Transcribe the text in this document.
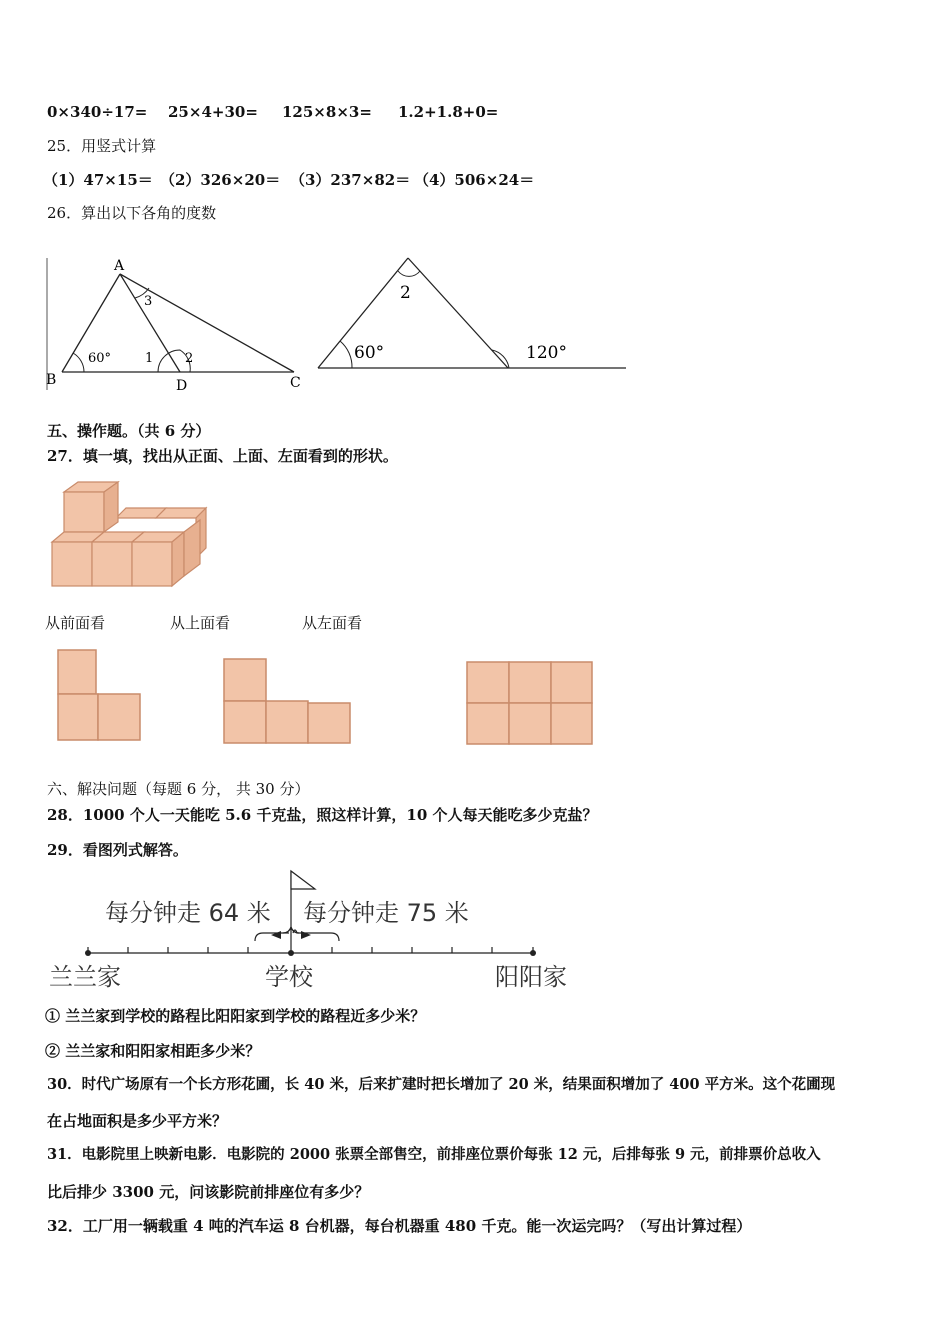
0×340÷17= 25×4+30= 125×8×3= 1.2+1.8+0=
25．用竖式计算
（1）47×15＝ （2）326×20＝ （3）237×82＝ （4）506×24＝
26．算出以下各角的度数
A
B	C
D
60°	1 2
3	2
60°	120°
五、操作题。（共 6 分）
27．填一填，找出从正面、上面、左面看到的形状。
从前面看	从上面看	从左面看
六、解决问题（每题 6 分， 共 30 分）
28．1000 个人一天能吃 5.6 千克盐，照这样计算，10 个人每天能吃多少克盐？
29．看图列式解答。
每分钟走 64 米 每分钟走 75 米
兰兰家	学校	阳阳家
① 兰兰家到学校的路程比阳阳家到学校的路程近多少米？
② 兰兰家和阳阳家相距多少米？
30．时代广场原有一个长方形花圃，长 40 米，后来扩建时把长增加了 20 米，结果面积增加了 400 平方米。这个花圃现
在占地面积是多少平方米？
31．电影院里上映新电影．电影院的 2000 张票全部售空，前排座位票价每张 12 元，后排每张 9 元，前排票价总收入
比后排少 3300 元，问该影院前排座位有多少？
32．工厂用一辆载重 4 吨的汽车运 8 台机器，每台机器重 480 千克。能一次运完吗？（写出计算过程）
